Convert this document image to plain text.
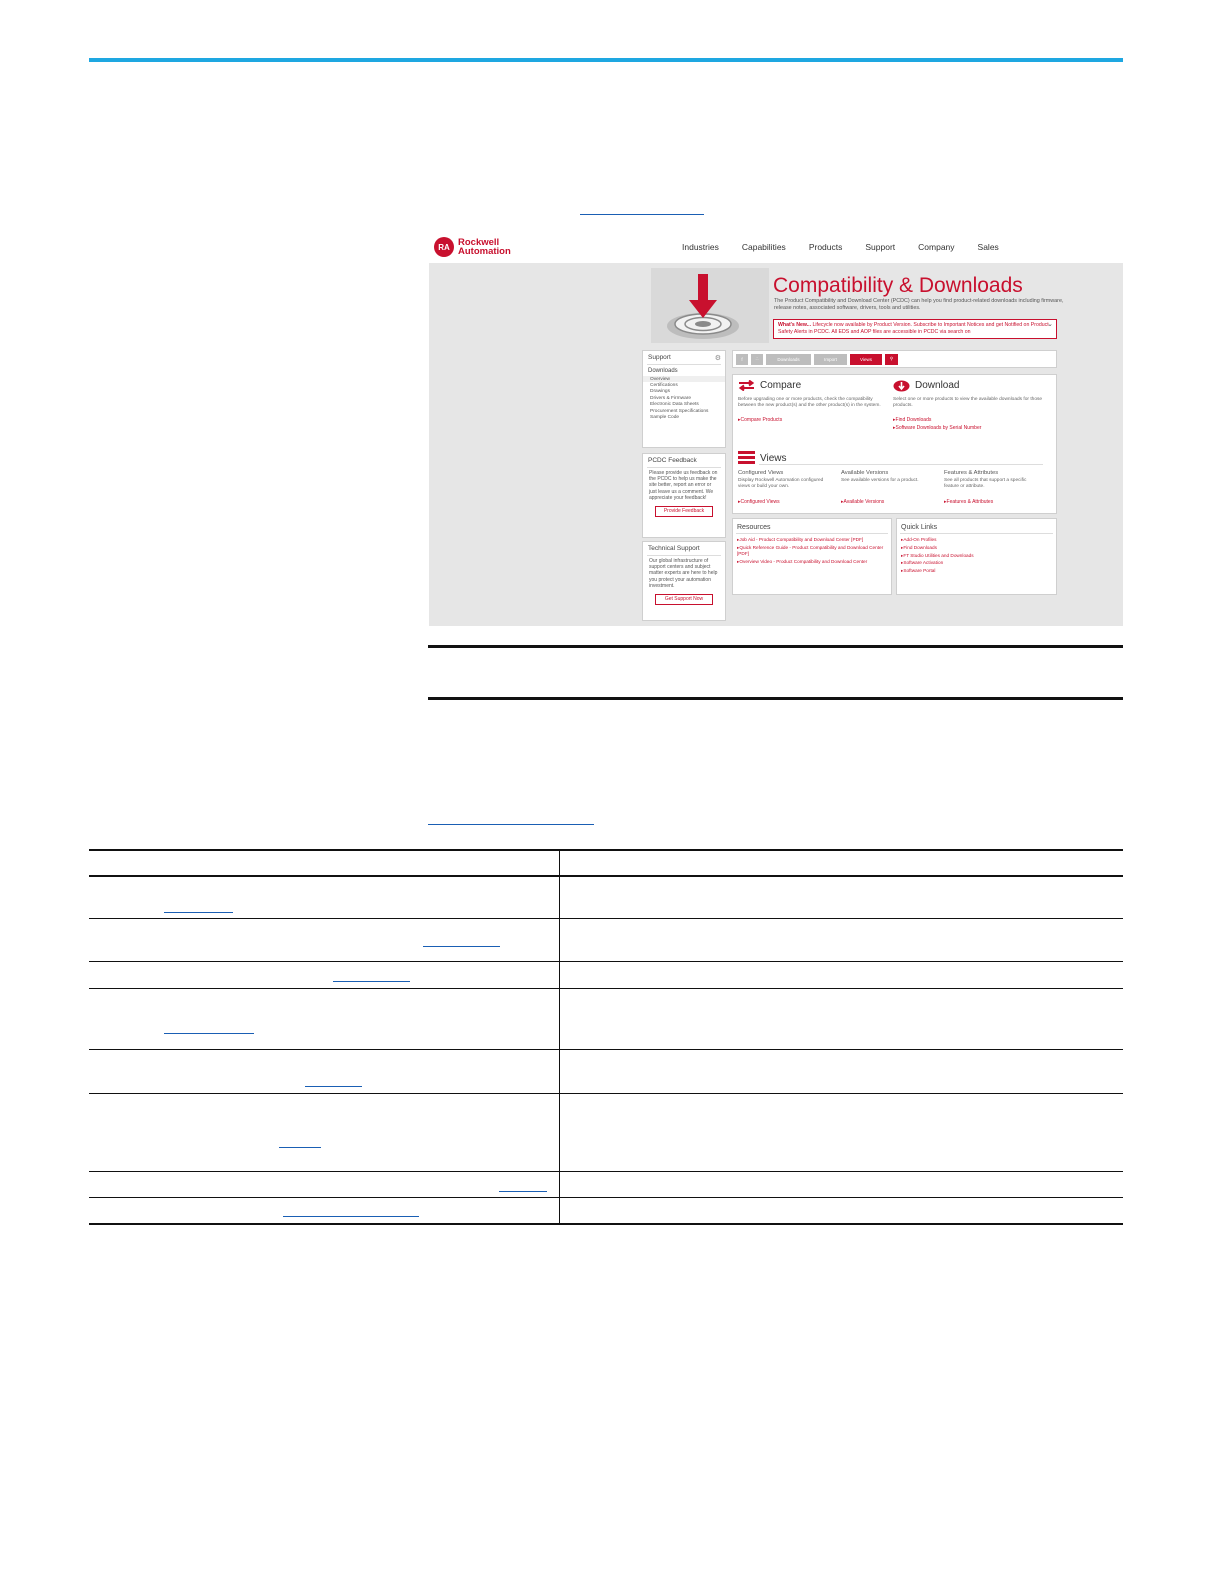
RA Rockwell
Automation	Industries	Capabilities	Products	Support	Company	Sales
Compatibility & Downloads
The Product Compatibility and Download Center (PCDC) can help you find product-related downloads including firmware, release notes, associated software, drivers, tools and utilities.
What's New... Lifecycle now available by Product Version. Subscribe to Important Notices and get Notified on Product Safety Alerts in PCDC. All EDS and AOP files are accessible in PCDC via search on
⌄
Support	⚙
Downloads
Overview
Certifications
Drawings
Drivers & Firmware
Electronic Data Sheets
Procurement Specifications
Sample Code
PCDC Feedback
Please provide us feedback on the PCDC to help us make the site better, report an error or just leave us a comment. We appreciate your feedback!
Provide Feedback
Technical Support
Our global infrastructure of support centers and subject matter experts are here to help you protect your automation investment.
Get Support Now
f	∴	Downloads	Import	Views	⚲
Compare
Before upgrading one or more products, check the compatibility between the new product(s) and the other product(s) in the system.
▸ Compare Products
Download
Select one or more products to view the available downloads for those products.
▸ Find Downloads
▸ Software Downloads by Serial Number
Views
Configured Views
Display Rockwell Automation configured views or build your own.
▸ Configured Views
Available Versions
See available versions for a product.
▸ Available Versions
Features & Attributes
See all products that support a specific feature or attribute.
▸ Features & Attributes
Resources
▸ Job Aid - Product Compatibility and Download Center [PDF]
▸ Quick Reference Guide - Product Compatibility and Download Center [PDF]
▸ Overview Video - Product Compatibility and Download Center
Quick Links
▸ Add-On Profiles
▸ Find Downloads
▸ FT Studio Utilities and Downloads
▸ Software Activation
▸ Software Portal
